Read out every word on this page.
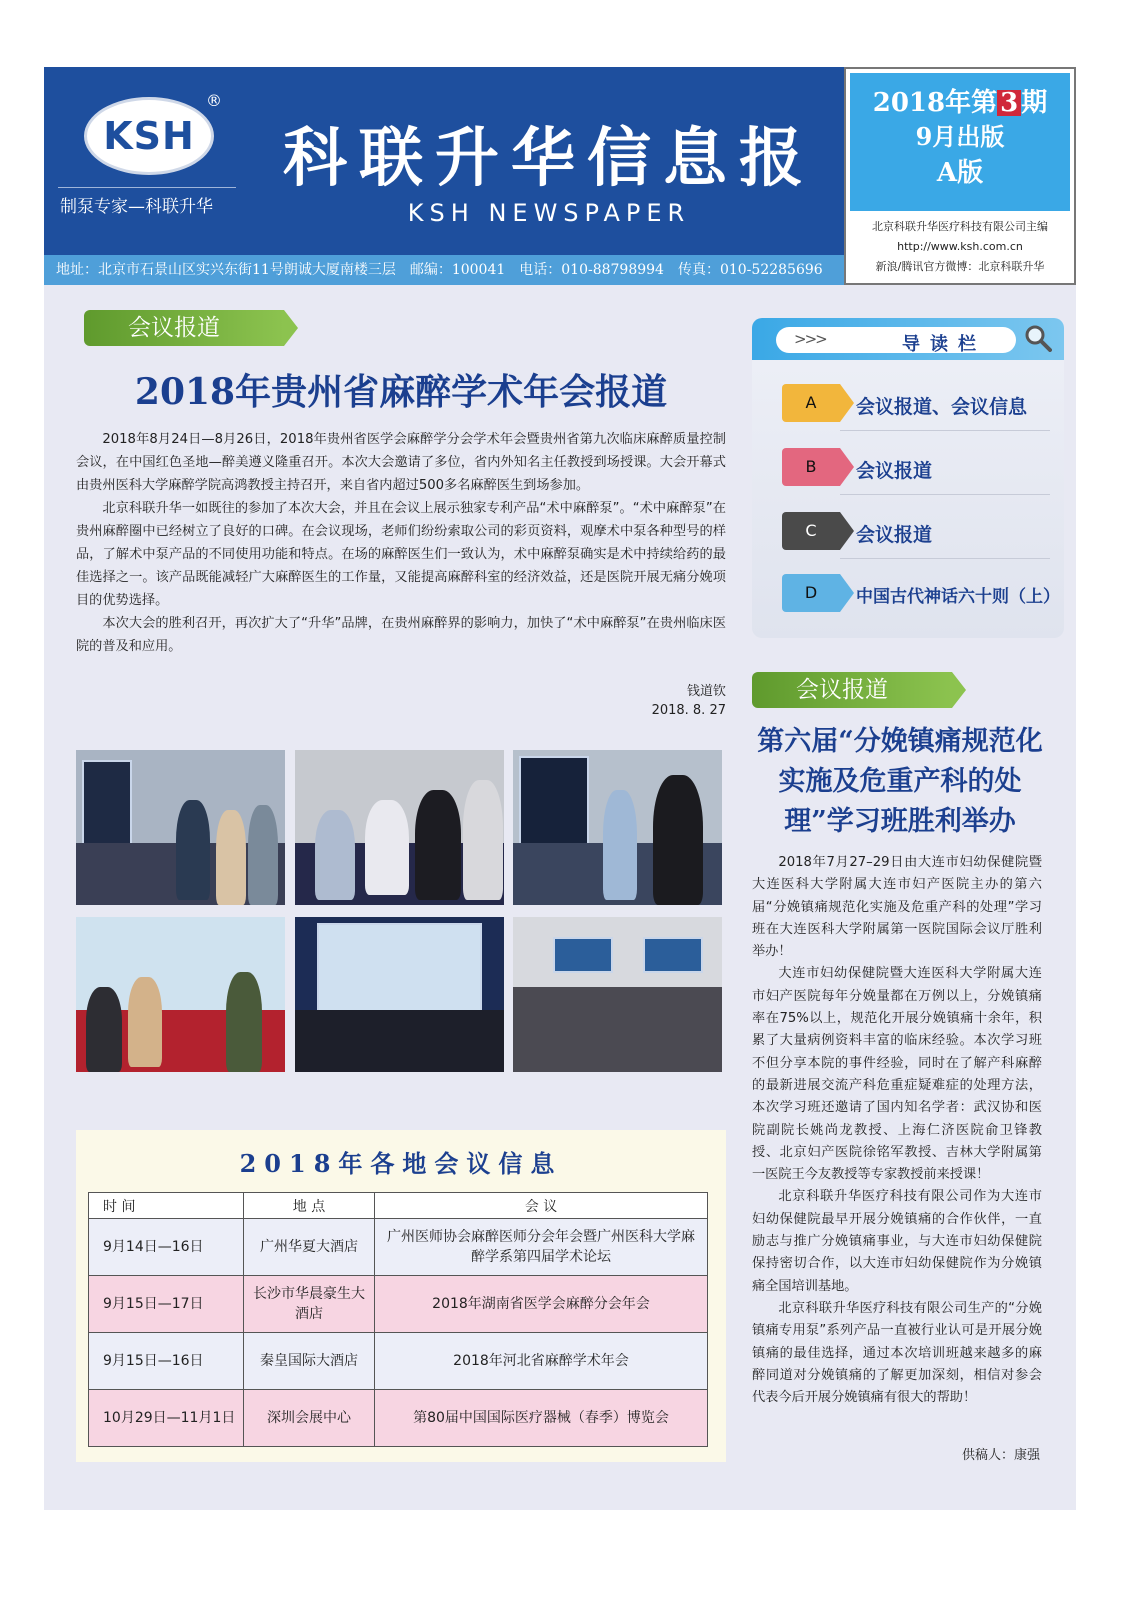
KSH
®
制泵专家—科联升华
科联升华信息报
KSH NEWSPAPER
地址：北京市石景山区实兴东街11号朗诚大厦南楼三层　邮编：100041　电话：010-88798994　传真：010-52285696
2018年第 3 期
9月出版
A版
北京科联升华医疗科技有限公司主编
http://www.ksh.com.cn
新浪/腾讯官方微博：北京科联升华
会议报道
2018年贵州省麻醉学术年会报道

2018年8月24日—8月26日，2018年贵州省医学会麻醉学分会学术年会暨贵州省第九次临床麻醉质量控制会议，在中国红色圣地—醉美遵义隆重召开。本次大会邀请了多位，省内外知名主任教授到场授课。大会开幕式由贵州医科大学麻醉学院高鸿教授主持召开，来自省内超过500多名麻醉医生到场参加。

北京科联升华一如既往的参加了本次大会，并且在会议上展示独家专利产品“术中麻醉泵”。“术中麻醉泵”在贵州麻醉圈中已经树立了良好的口碑。在会议现场，老师们纷纷索取公司的彩页资料，观摩术中泵各种型号的样品，了解术中泵产品的不同使用功能和特点。在场的麻醉医生们一致认为，术中麻醉泵确实是术中持续给药的最佳选择之一。该产品既能减轻广大麻醉医生的工作量，又能提高麻醉科室的经济效益，还是医院开展无痛分娩项目的优势选择。

本次大会的胜利召开，再次扩大了“升华”品牌，在贵州麻醉界的影响力，加快了“术中麻醉泵”在贵州临床医院的普及和应用。

钱道钦
2018. 8. 27
2018年各地会议信息
时 间	地 点	会 议
9月14日—16日	广州华夏大酒店	广州医师协会麻醉医师分会年会暨广州医科大学麻醉学系第四届学术论坛
9月15日—17日	长沙市华晨豪生大酒店	2018年湖南省医学会麻醉分会年会
9月15日—16日	秦皇国际大酒店	2018年河北省麻醉学术年会
10月29日—11月1日	深圳会展中心	第80届中国国际医疗器械（春季）博览会
>>>	导读栏
A	会议报道、会议信息
B	会议报道
C	会议报道
D	中国古代神话六十则（上）
会议报道
第六届“分娩镇痛规范化实施及危重产科的处理”学习班胜利举办

2018年7月27–29日由大连市妇幼保健院暨大连医科大学附属大连市妇产医院主办的第六届“分娩镇痛规范化实施及危重产科的处理”学习班在大连医科大学附属第一医院国际会议厅胜利举办！

大连市妇幼保健院暨大连医科大学附属大连市妇产医院每年分娩量都在万例以上，分娩镇痛率在75%以上，规范化开展分娩镇痛十余年，积累了大量病例资料丰富的临床经验。本次学习班不但分享本院的事件经验，同时在了解产科麻醉的最新进展交流产科危重症疑难症的处理方法，本次学习班还邀请了国内知名学者：武汉协和医院副院长姚尚龙教授、上海仁济医院俞卫锋教授、北京妇产医院徐铭军教授、吉林大学附属第一医院王今友教授等专家教授前来授课！

北京科联升华医疗科技有限公司作为大连市妇幼保健院最早开展分娩镇痛的合作伙伴，一直励志与推广分娩镇痛事业，与大连市妇幼保健院保持密切合作，以大连市妇幼保健院作为分娩镇痛全国培训基地。

北京科联升华医疗科技有限公司生产的“分娩镇痛专用泵”系列产品一直被行业认可是开展分娩镇痛的最佳选择，通过本次培训班越来越多的麻醉同道对分娩镇痛的了解更加深刻，相信对参会代表今后开展分娩镇痛有很大的帮助！

供稿人：康强
